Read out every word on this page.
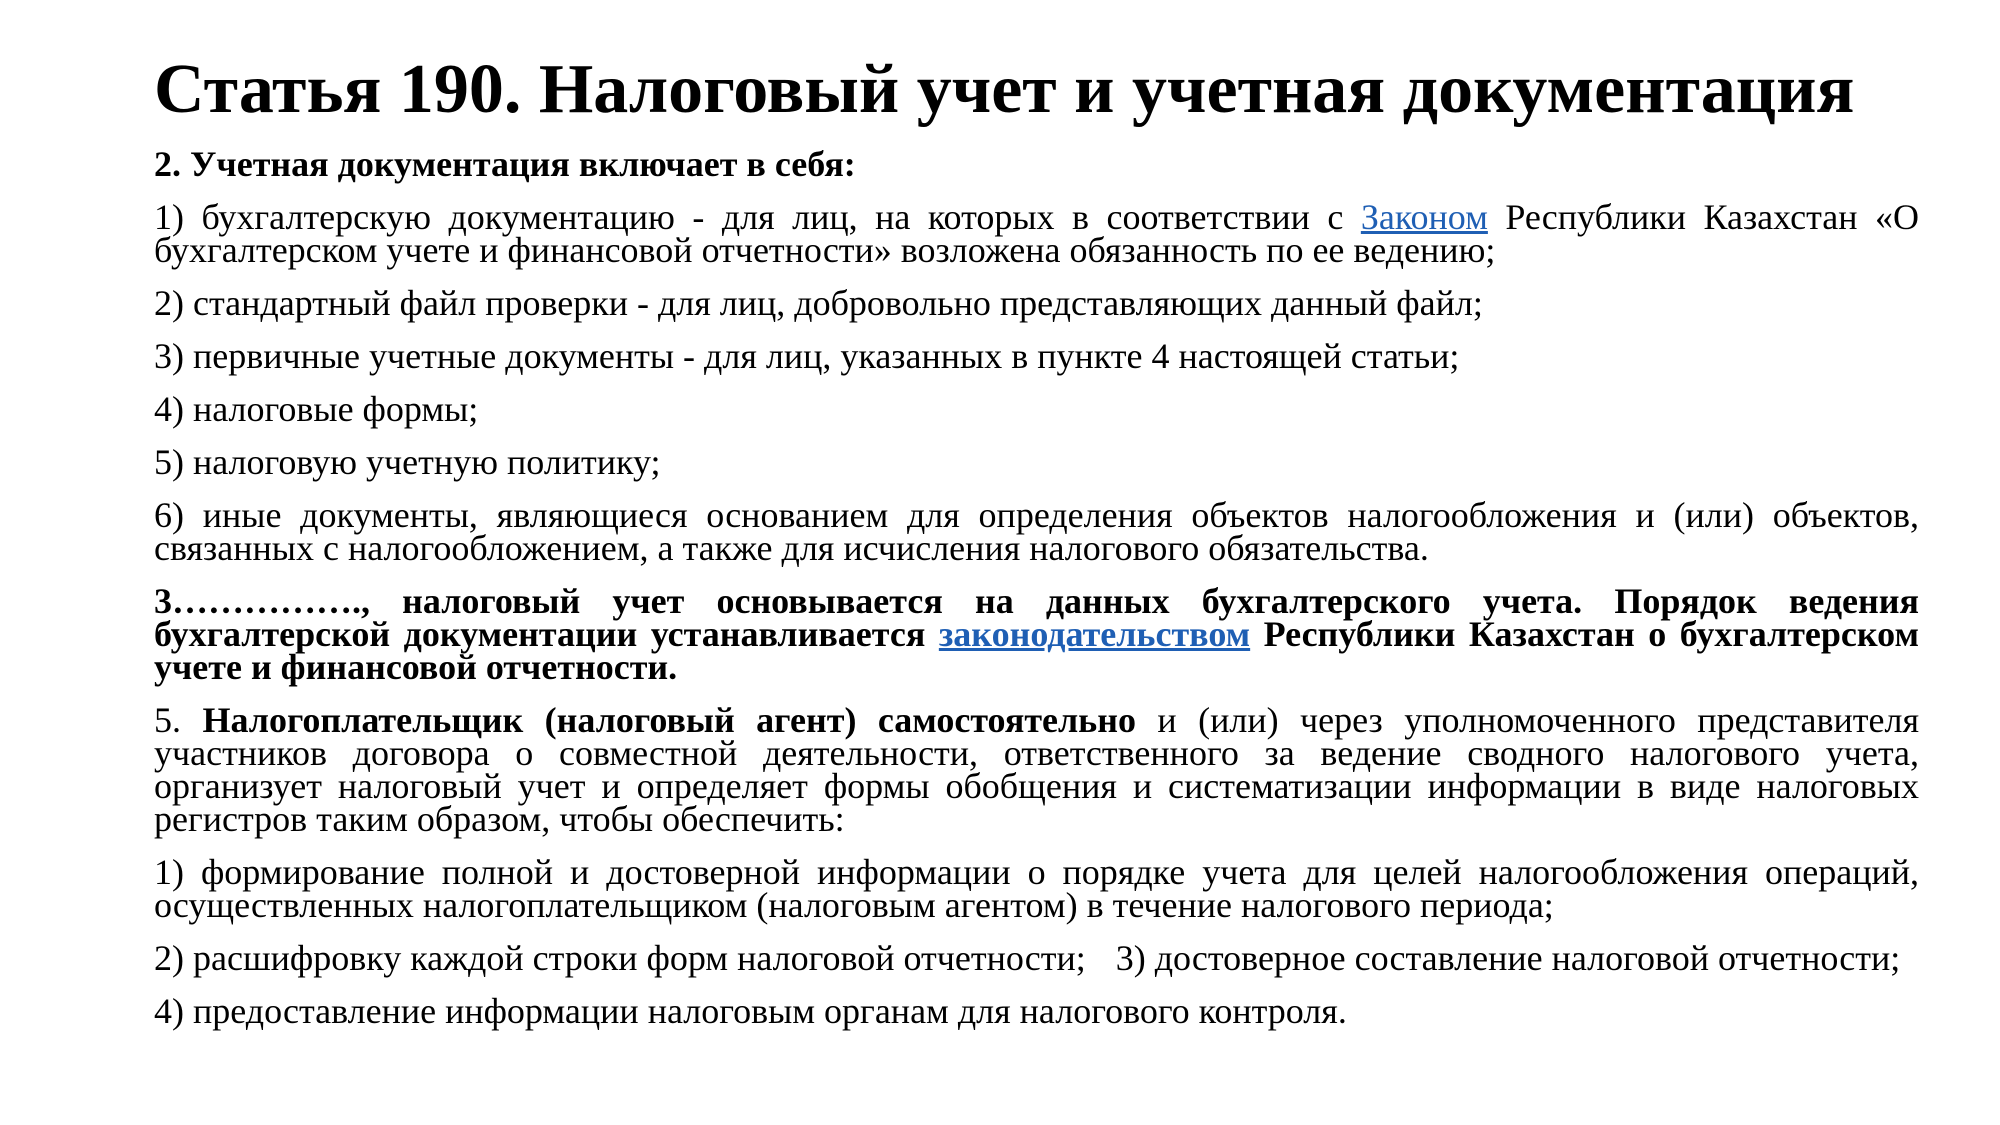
Статья 190. Налоговый учет и учетная документация

2. Учетная документация включает в себя:

1) бухгалтерскую документацию - для лиц, на которых в соответствии с Законом Республики Казахстан «О бухгалтерском учете и финансовой отчетности» возложена обязанность по ее ведению;

2) стандартный файл проверки - для лиц, добровольно представляющих данный файл;

3) первичные учетные документы - для лиц, указанных в пункте 4 настоящей статьи;

4) налоговые формы;

5) налоговую учетную политику;

6) иные документы, являющиеся основанием для определения объектов налогообложения и (или) объектов, связанных с налогообложением, а также для исчисления налогового обязательства.

3……………., налоговый учет основывается на данных бухгалтерского учета. Порядок ведения бухгалтерской документации устанавливается законодательством Республики Казахстан о бухгалтерском учете и финансовой отчетности.

5. Налогоплательщик (налоговый агент) самостоятельно и (или) через уполномоченного представителя участников договора о совместной деятельности, ответственного за ведение сводного налогового учета, организует налоговый учет и определяет формы обобщения и систематизации информации в виде налоговых регистров таким образом, чтобы обеспечить:

1) формирование полной и достоверной информации о порядке учета для целей налогообложения операций, осуществленных налогоплательщиком (налоговым агентом) в течение налогового периода;

2) расшифровку каждой строки форм налоговой отчетности; 3) достоверное составление налоговой отчетности;

4) предоставление информации налоговым органам для налогового контроля.
